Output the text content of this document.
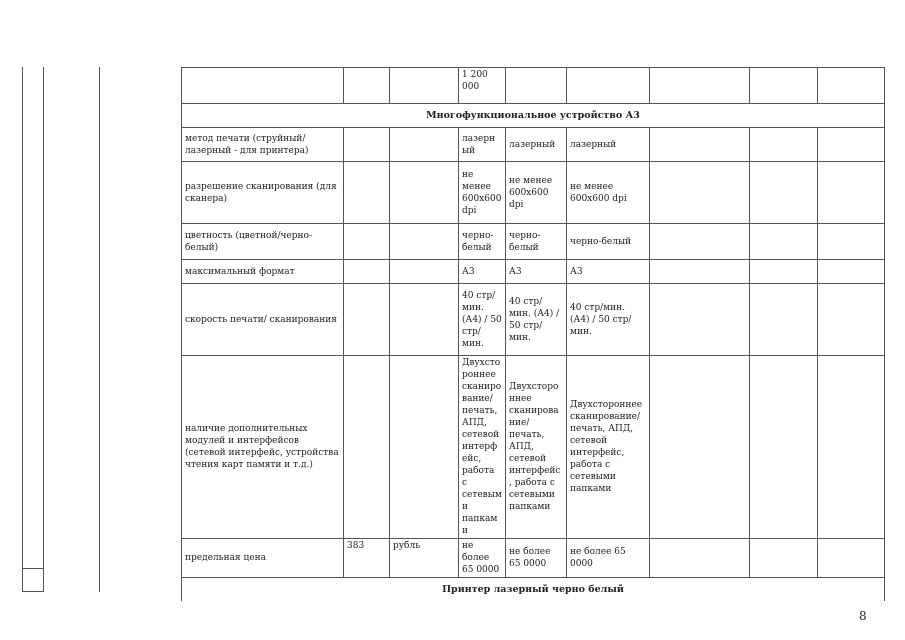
			1 200 000					
Многофункциональное устройство А3								
метод печати (струйный/ лазерный - для принтера)			лазерный	лазерный	лазерный			
разрешение сканирования (для сканера)			не менее 600x600 dpi	не менее 600x600 dpi	не менее 600x600 dpi			
цветность (цветной/черно-белый)			черно-белый	черно-белый	черно-белый			
максимальный формат			А3	А3	А3			
скорость печати/ сканирования			40 стр/мин. (А4) / 50 стр/мин.	40 стр/мин. (А4) / 50 стр/мин.	40 стр/мин. (А4) / 50 стр/мин.			
наличие дополнительных модулей и интерфейсов (сетевой интерфейс, устройства чтения карт памяти и т.д.)			Двухстороннее сканирование/печать, АПД, сетевой интерфейс, работа с сетевыми папками	Двухстороннее сканирование/печать, АПД, сетевой интерфейс, работа с сетевыми папками	Двухстороннее сканирование/печать, АПД, сетевой интерфейс, работа с сетевыми папками			
предельная цена	383	рубль	не более 65 0000	не более 65 0000	не более 65 0000			
Принтер лазерный черно белый								
8
